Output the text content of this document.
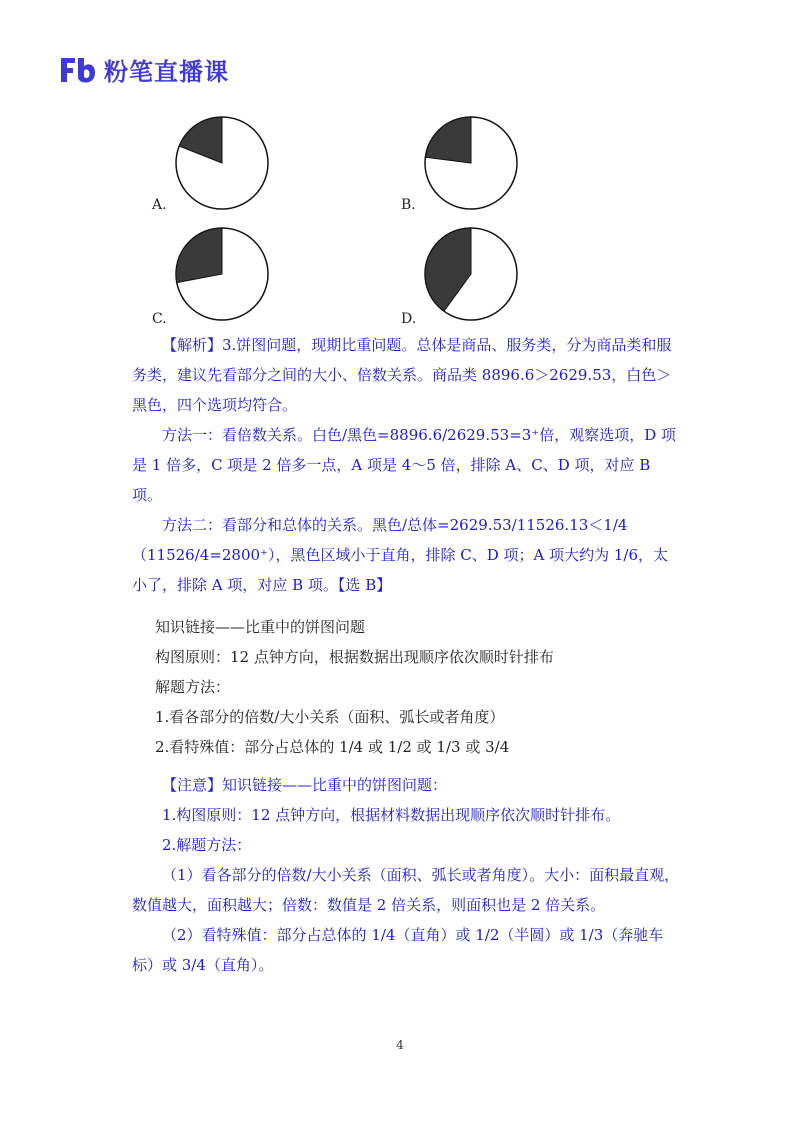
粉笔直播课
A.	B.
C.	D.

【解析】3.饼图问题，现期比重问题。总体是商品、服务类，分为商品类和服务类，建议先看部分之间的大小、倍数关系。商品类 8896.6＞2629.53，白色＞黑色，四个选项均符合。

方法一：看倍数关系。白色/黑色=8896.6/2629.53=3⁺倍，观察选项，D 项是 1 倍多，C 项是 2 倍多一点，A 项是 4～5 倍，排除 A、C、D 项，对应 B 项。

方法二：看部分和总体的关系。黑色/总体=2629.53/11526.13＜1/4（11526/4=2800⁺），黑色区域小于直角，排除 C、D 项；A 项大约为 1/6，太小了，排除 A 项，对应 B 项。【选 B】

知识链接——比重中的饼图问题

构图原则：12 点钟方向，根据数据出现顺序依次顺时针排布

解题方法：

1.看各部分的倍数/大小关系（面积、弧长或者角度）

2.看特殊值：部分占总体的 1/4 或 1/2 或 1/3 或 3/4

【注意】知识链接——比重中的饼图问题：

1.构图原则：12 点钟方向，根据材料数据出现顺序依次顺时针排布。

2.解题方法：

（1）看各部分的倍数/大小关系（面积、弧长或者角度）。大小：面积最直观，数值越大，面积越大；倍数：数值是 2 倍关系，则面积也是 2 倍关系。

（2）看特殊值：部分占总体的 1/4（直角）或 1/2（半圆）或 1/3（奔驰车标）或 3/4（直角）。

4
